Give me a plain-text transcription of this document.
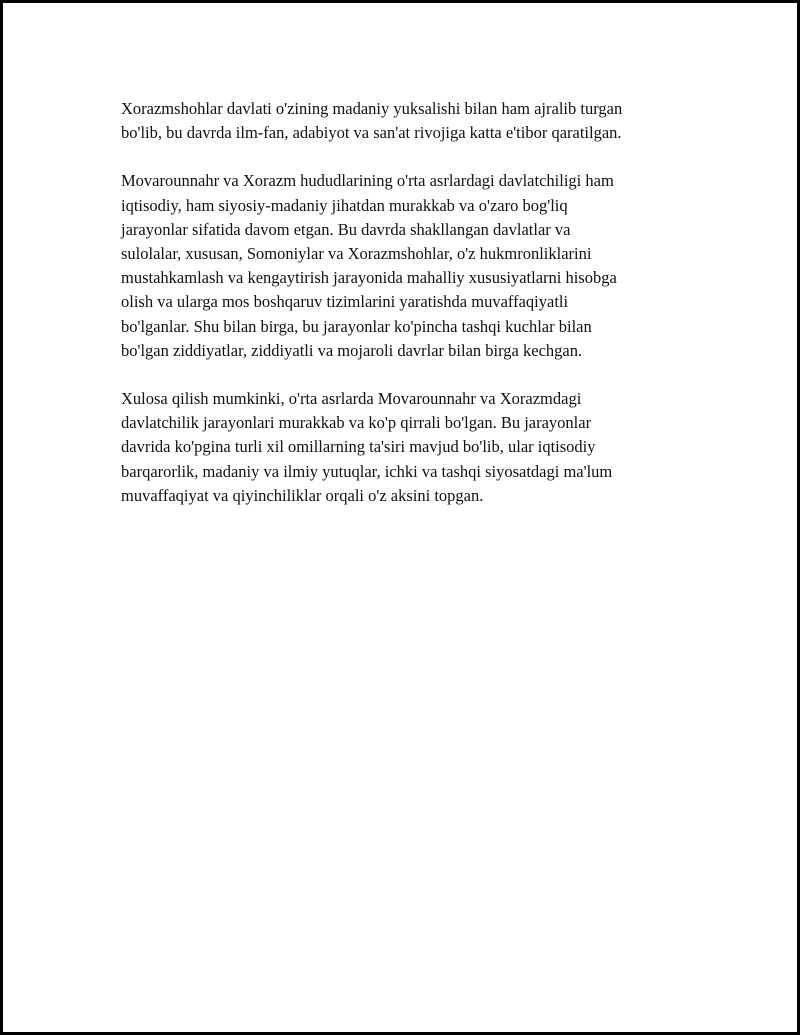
Xorazmshohlar davlati o'zining madaniy yuksalishi bilan ham ajralib turgan
bo'lib, bu davrda ilm-fan, adabiyot va san'at rivojiga katta e'tibor qaratilgan.

Movarounnahr va Xorazm hududlarining o'rta asrlardagi davlatchiligi ham
iqtisodiy, ham siyosiy-madaniy jihatdan murakkab va o'zaro bog'liq
jarayonlar sifatida davom etgan. Bu davrda shakllangan davlatlar va
sulolalar, xususan, Somoniylar va Xorazmshohlar, o'z hukmronliklarini
mustahkamlash va kengaytirish jarayonida mahalliy xususiyatlarni hisobga
olish va ularga mos boshqaruv tizimlarini yaratishda muvaffaqiyatli
bo'lganlar. Shu bilan birga, bu jarayonlar ko'pincha tashqi kuchlar bilan
bo'lgan ziddiyatlar, ziddiyatli va mojaroli davrlar bilan birga kechgan.

Xulosa qilish mumkinki, o'rta asrlarda Movarounnahr va Xorazmdagi
davlatchilik jarayonlari murakkab va ko'p qirrali bo'lgan. Bu jarayonlar
davrida ko'pgina turli xil omillarning ta'siri mavjud bo'lib, ular iqtisodiy
barqarorlik, madaniy va ilmiy yutuqlar, ichki va tashqi siyosatdagi ma'lum
muvaffaqiyat va qiyinchiliklar orqali o'z aksini topgan.
